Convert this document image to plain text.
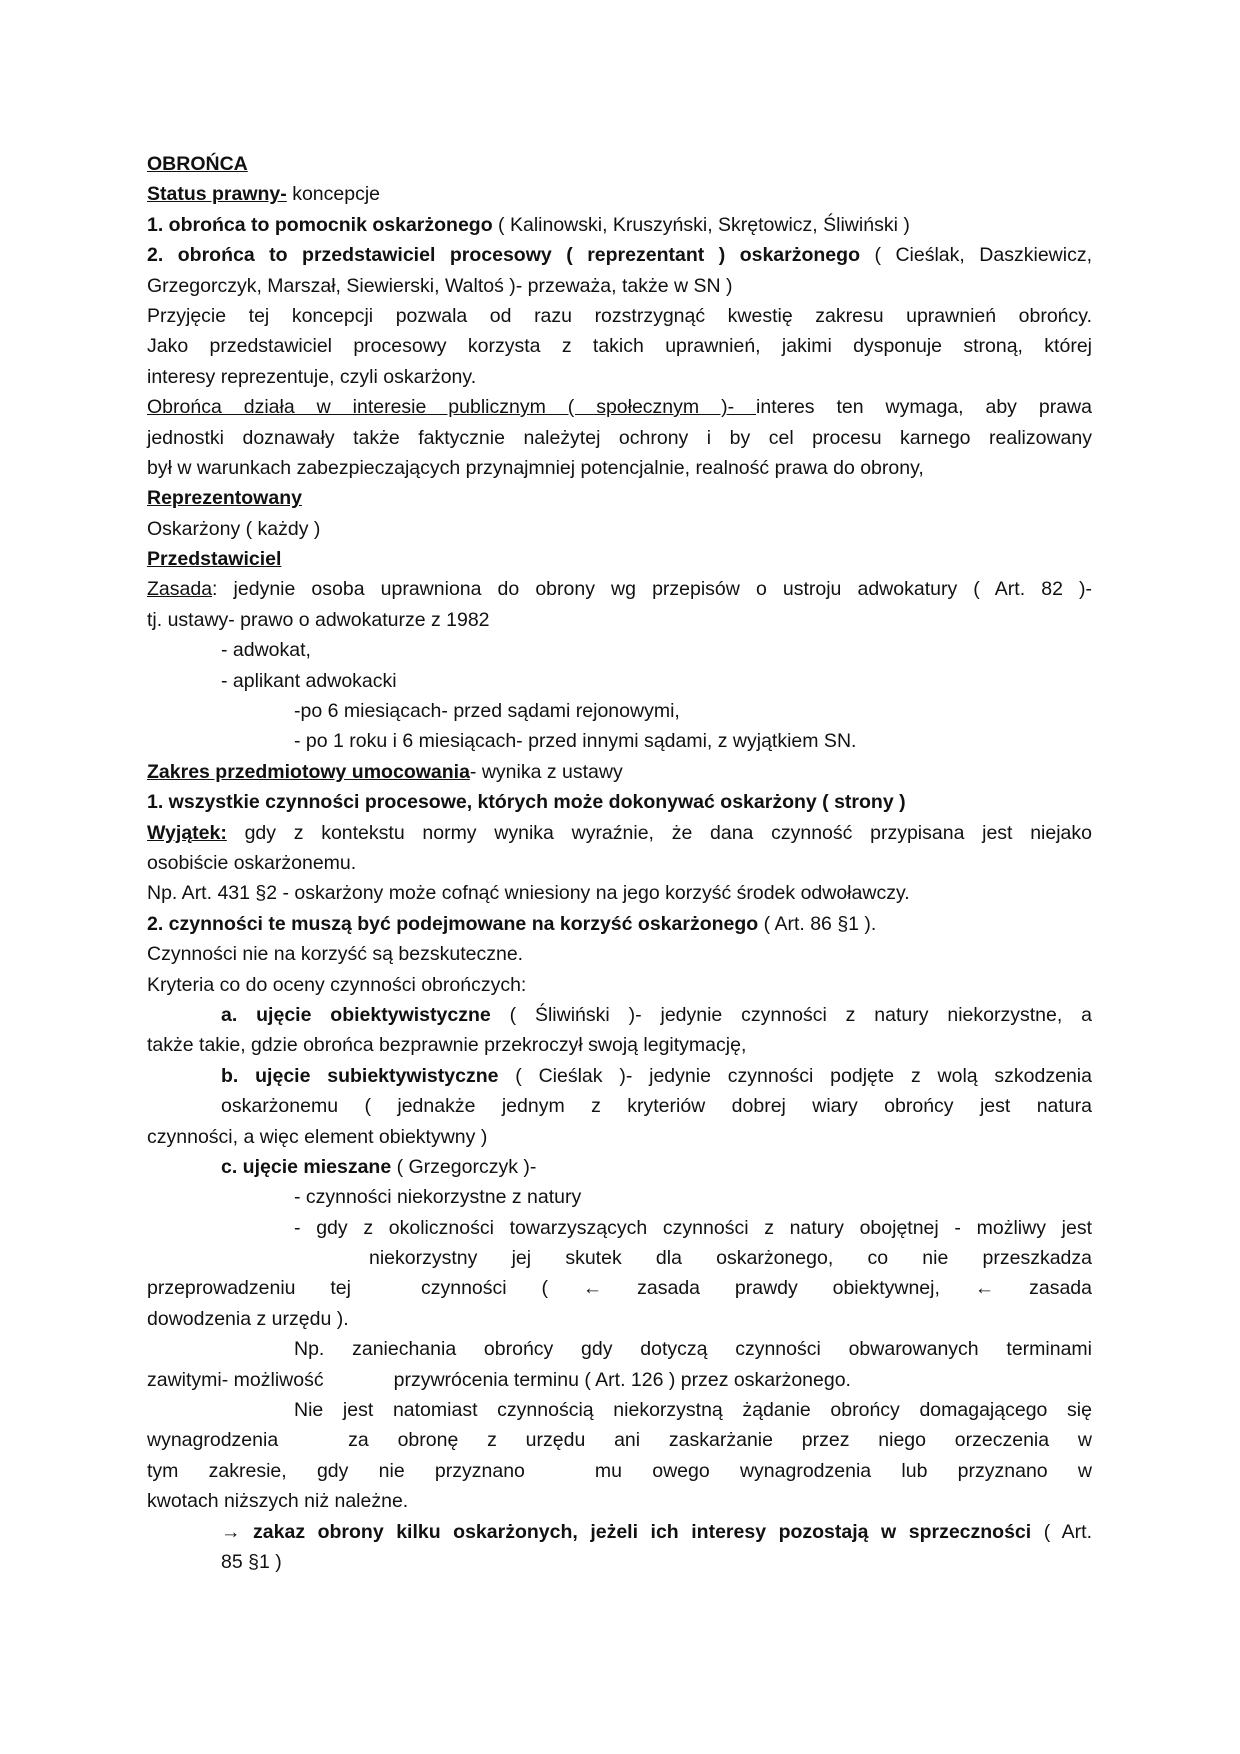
OBROŃCA
Status prawny- koncepcje
1. obrońca to pomocnik oskarżonego ( Kalinowski, Kruszyński, Skrętowicz, Śliwiński )
2. obrońca to przedstawiciel procesowy ( reprezentant ) oskarżonego ( Cieślak, Daszkiewicz,
Grzegorczyk, Marszał, Siewierski, Waltoś )- przeważa, także w SN )
Przyjęcie tej koncepcji pozwala od razu rozstrzygnąć kwestię zakresu uprawnień obrońcy.
Jako przedstawiciel procesowy korzysta z takich uprawnień, jakimi dysponuje stroną, której
interesy reprezentuje, czyli oskarżony.
Obrońca działa w interesie publicznym ( społecznym )- interes ten wymaga, aby prawa
jednostki doznawały także faktycznie należytej ochrony i by cel procesu karnego realizowany
był w warunkach zabezpieczających przynajmniej potencjalnie, realność prawa do obrony,
Reprezentowany
Oskarżony ( każdy )
Przedstawiciel
Zasada: jedynie osoba uprawniona do obrony wg przepisów o ustroju adwokatury ( Art. 82 )-
tj. ustawy- prawo o adwokaturze z 1982
- adwokat,
- aplikant adwokacki
-po 6 miesiącach- przed sądami rejonowymi,
- po 1 roku i 6 miesiącach- przed innymi sądami, z wyjątkiem SN.
Zakres przedmiotowy umocowania- wynika z ustawy
1. wszystkie czynności procesowe, których może dokonywać oskarżony ( strony )
Wyjątek: gdy z kontekstu normy wynika wyraźnie, że dana czynność przypisana jest niejako
osobiście oskarżonemu.
Np. Art. 431 §2 - oskarżony może cofnąć wniesiony na jego korzyść środek odwoławczy.
2. czynności te muszą być podejmowane na korzyść oskarżonego ( Art. 86 §1 ).
Czynności nie na korzyść są bezskuteczne.
Kryteria co do oceny czynności obrończych:
a. ujęcie obiektywistyczne ( Śliwiński )- jedynie czynności z natury niekorzystne, a
także takie, gdzie obrońca bezprawnie przekroczył swoją legitymację,
b. ujęcie subiektywistyczne ( Cieślak )- jedynie czynności podjęte z wolą szkodzenia
oskarżonemu ( jednakże jednym z kryteriów dobrej wiary obrońcy jest natura
czynności, a więc element obiektywny )
c. ujęcie mieszane ( Grzegorczyk )-
- czynności niekorzystne z natury
- gdy z okoliczności towarzyszących czynności z natury obojętnej - możliwy jest
niekorzystny jej skutek dla oskarżonego, co nie przeszkadza
przeprowadzeniu tej	czynności ( ← zasada prawdy obiektywnej, ← zasada
dowodzenia z urzędu ).
Np. zaniechania obrońcy gdy dotyczą czynności obwarowanych terminami
zawitymi- możliwość	przywrócenia terminu ( Art. 126 ) przez oskarżonego.
Nie jest natomiast czynnością niekorzystną żądanie obrońcy domagającego się
wynagrodzenia	za obronę z urzędu ani zaskarżanie przez niego orzeczenia w
tym zakresie, gdy nie przyznano	mu owego wynagrodzenia lub przyznano w
kwotach niższych niż należne.
→ zakaz obrony kilku oskarżonych, jeżeli ich interesy pozostają w sprzeczności ( Art.
85 §1 )
